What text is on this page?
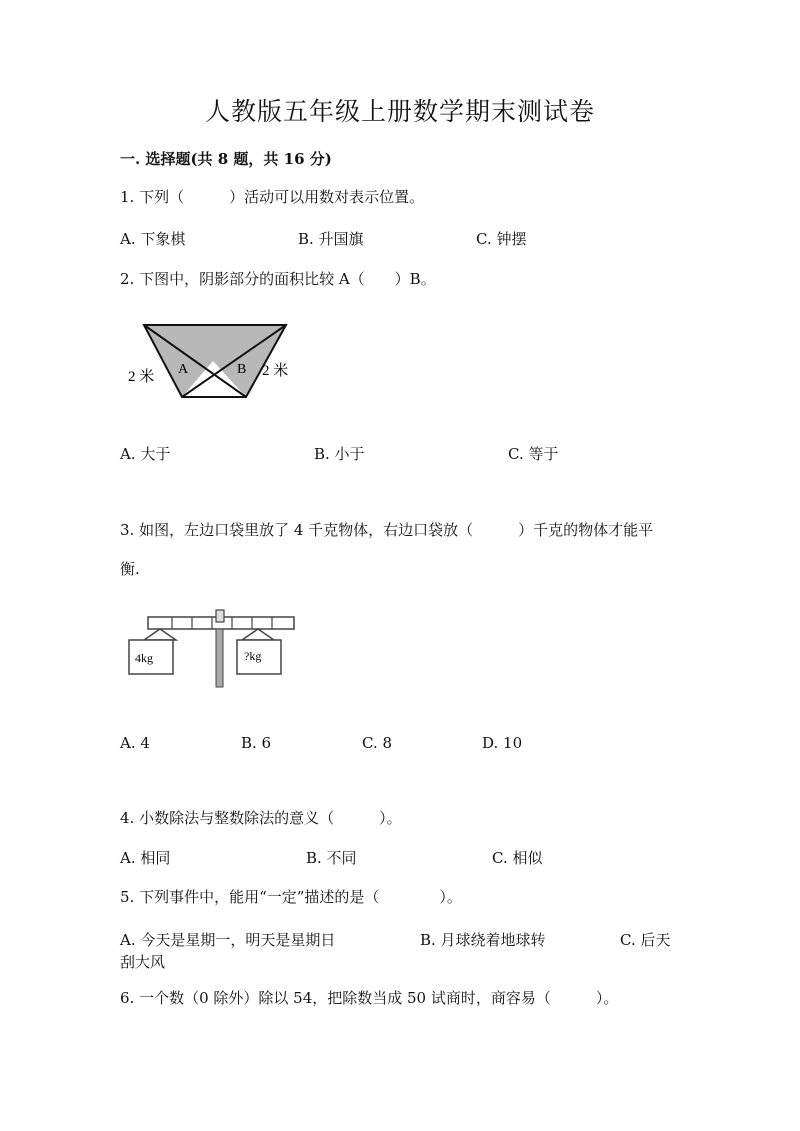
人教版五年级上册数学期末测试卷
一. 选择题(共 8 题，共 16 分)
1. 下列（　　　）活动可以用数对表示位置。
A. 下象棋	B. 升国旗	C. 钟摆
2. 下图中，阴影部分的面积比较 A（　　）B。
A	B
2 米	2 米
A. 大于	B. 小于	C. 等于
3. 如图，左边口袋里放了 4 千克物体，右边口袋放（　　　）千克的物体才能平
衡.
4kg	?kg
A. 4	B. 6	C. 8	D. 10
4. 小数除法与整数除法的意义（　　　）。
A. 相同	B. 不同	C. 相似
5. 下列事件中，能用“一定”描述的是（　　　　）。
A. 今天是星期一，明天是星期日	B. 月球绕着地球转	C. 后天
刮大风
6. 一个数（0 除外）除以 54，把除数当成 50 试商时，商容易（　　　）。
